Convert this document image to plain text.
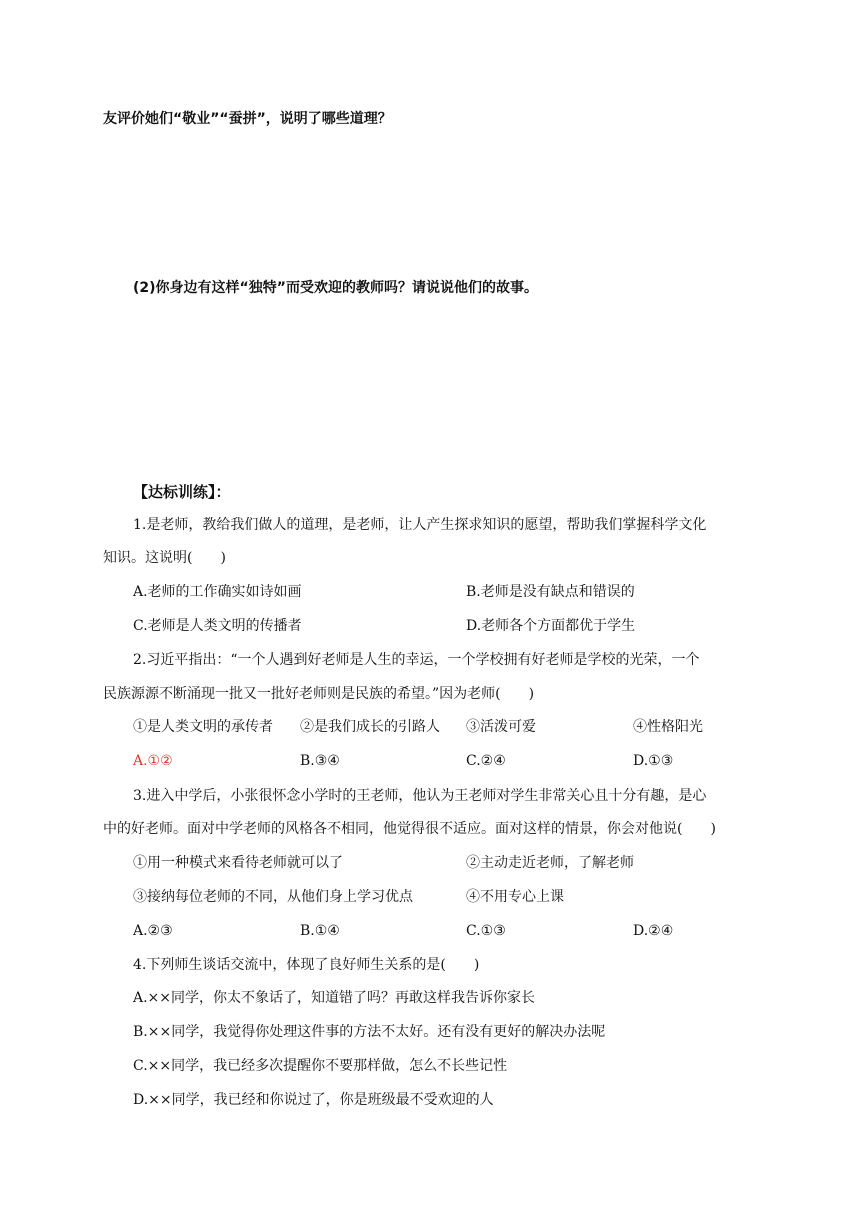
友评价她们“敬业”“蚕拼”，说明了哪些道理？
(2)你身边有这样“独特”而受欢迎的教师吗？请说说他们的故事。
【达标训练】：
1.是老师，教给我们做人的道理，是老师，让人产生探求知识的愿望，帮助我们掌握科学文化
知识。这说明(　　)
A.老师的工作确实如诗如画	B.老师是没有缺点和错误的
C.老师是人类文明的传播者	D.老师各个方面都优于学生
2.习近平指出：“一个人遇到好老师是人生的幸运，一个学校拥有好老师是学校的光荣，一个
民族源源不断涌现一批又一批好老师则是民族的希望。”因为老师(　　)
①是人类文明的承传者 ②是我们成长的引路人 ③活泼可爱	④性格阳光
A.①②	B.③④	C.②④	D.①③
3.进入中学后，小张很怀念小学时的王老师，他认为王老师对学生非常关心且十分有趣，是心
中的好老师。面对中学老师的风格各不相同，他觉得很不适应。面对这样的情景，你会对他说(　　)
①用一种模式来看待老师就可以了	②主动走近老师，了解老师
③接纳每位老师的不同，从他们身上学习优点	④不用专心上课
A.②③	B.①④	C.①③	D.②④
4.下列师生谈话交流中，体现了良好师生关系的是(　　)
A.××同学，你太不象话了，知道错了吗？再敢这样我告诉你家长
B.××同学，我觉得你处理这件事的方法不太好。还有没有更好的解决办法呢
C.××同学，我已经多次提醒你不要那样做，怎么不长些记性
D.××同学，我已经和你说过了，你是班级最不受欢迎的人
